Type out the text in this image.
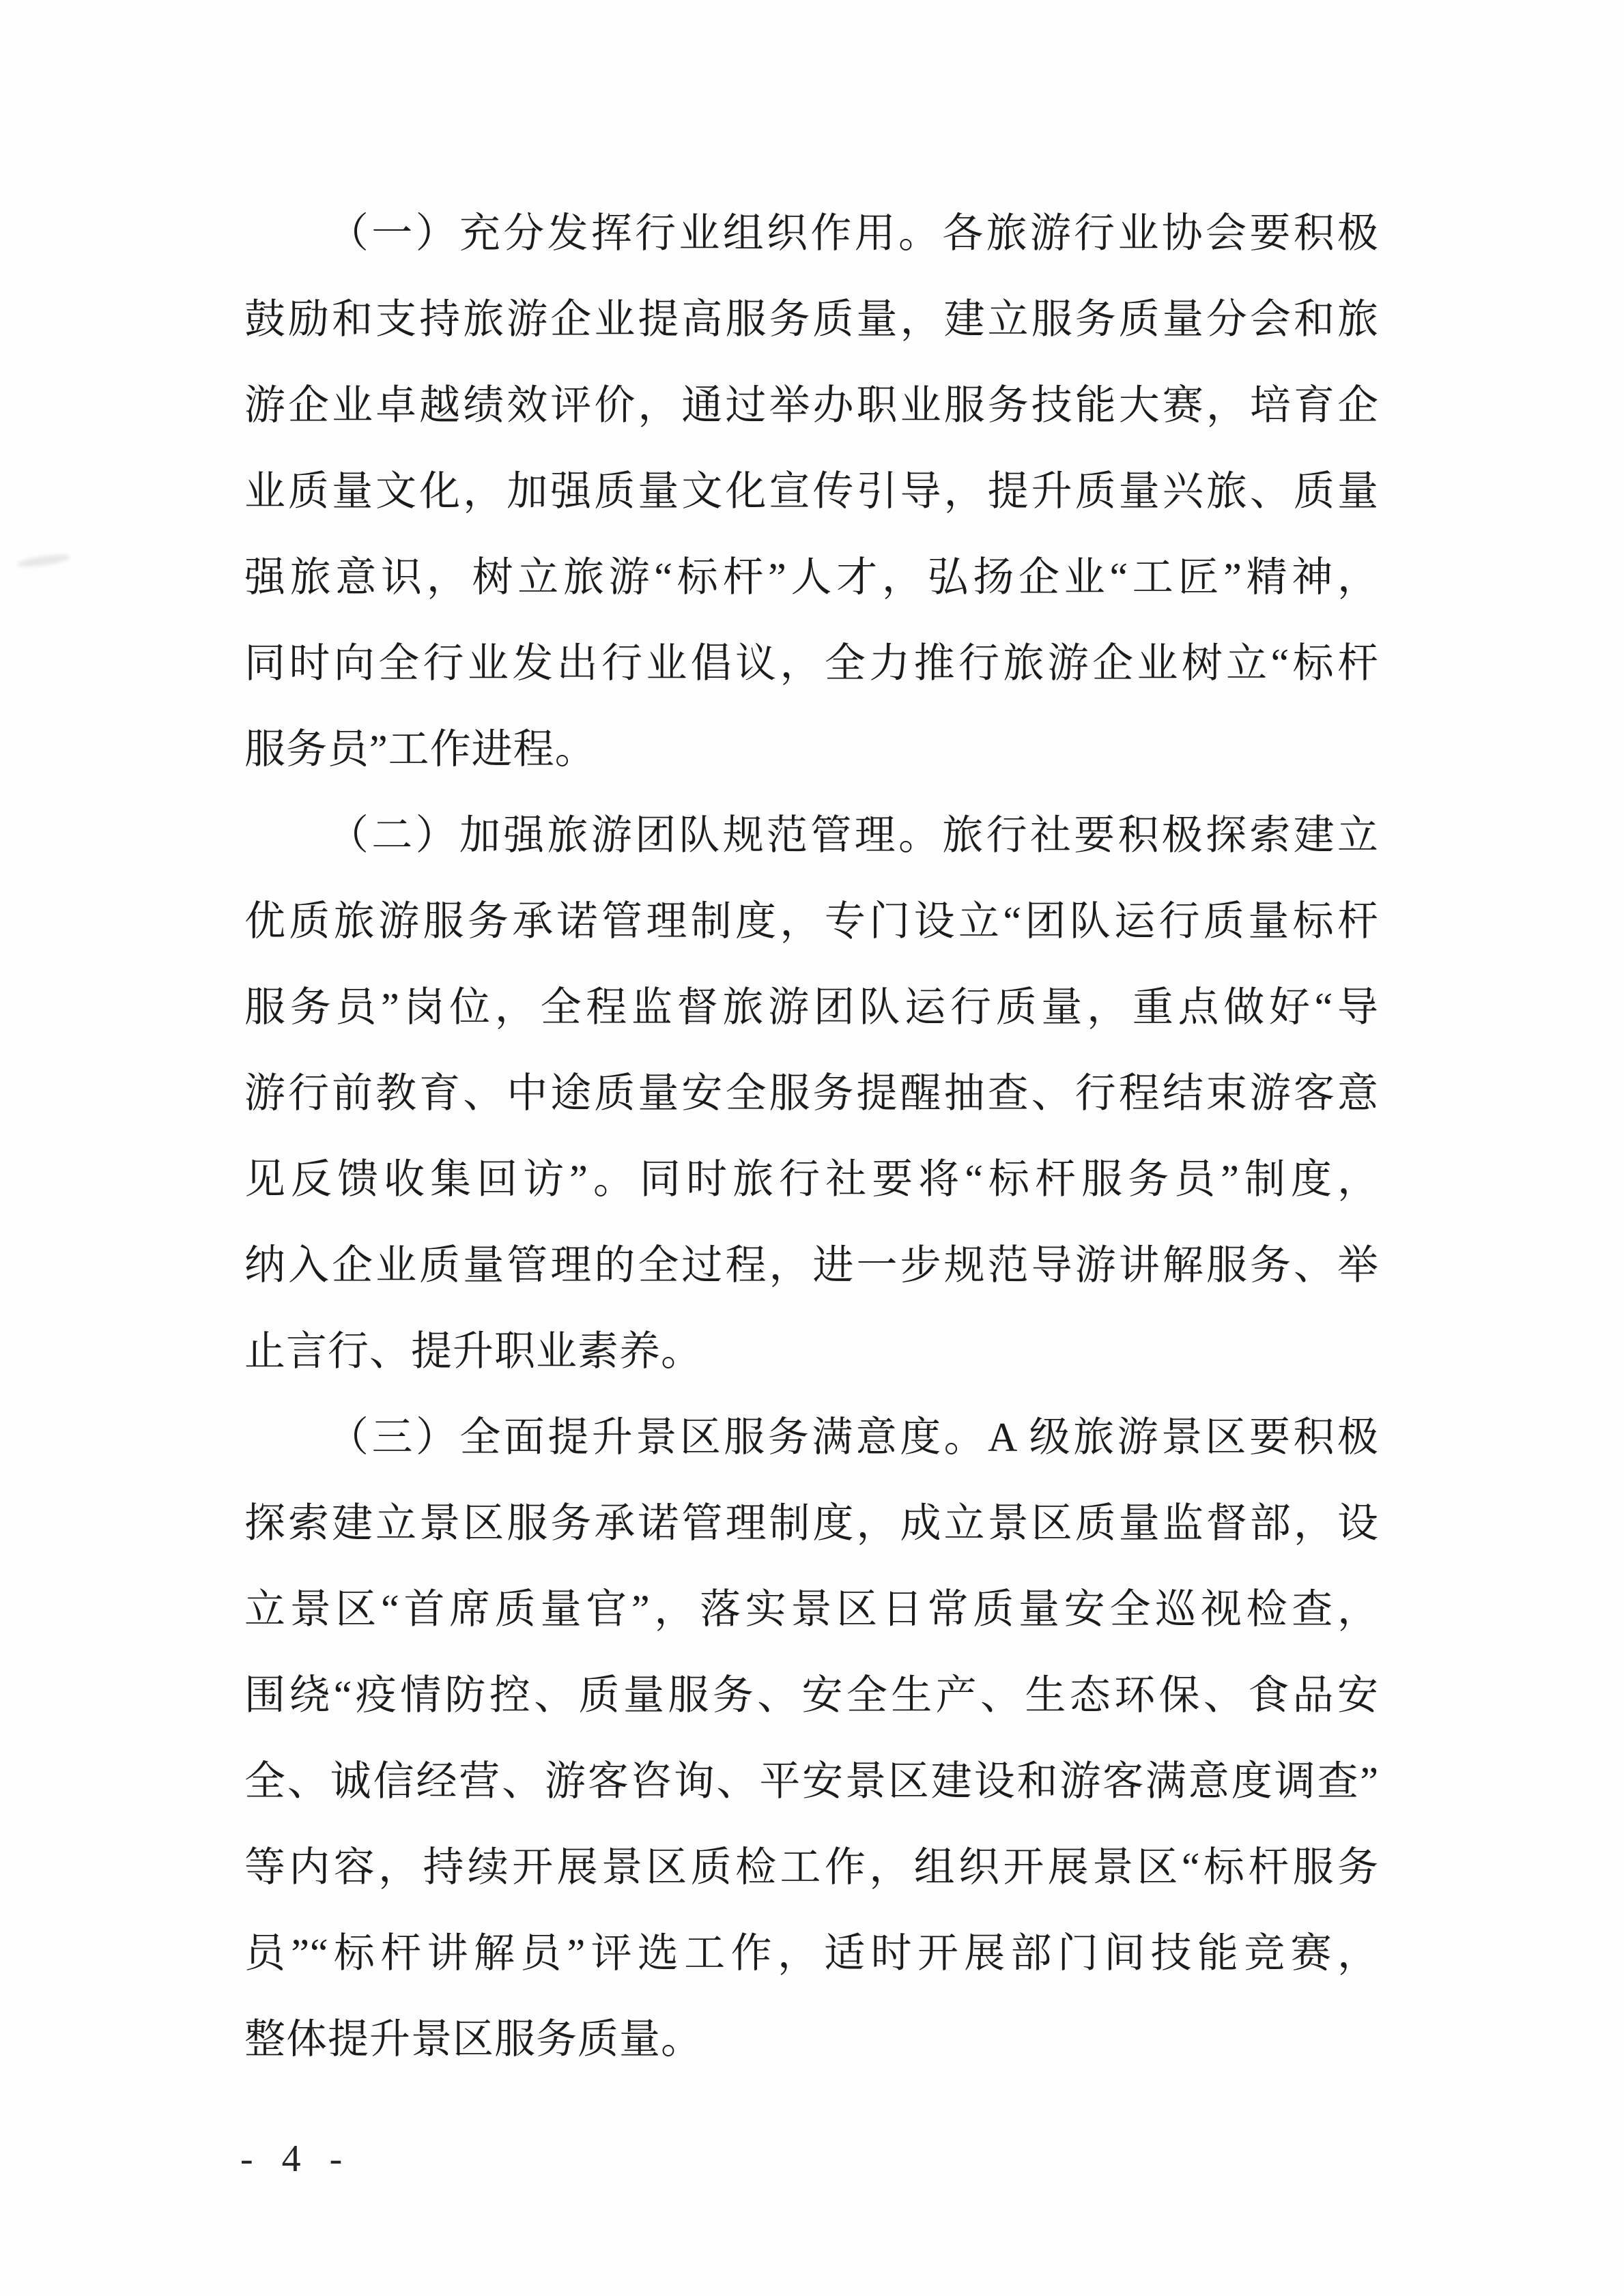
（一）充分发挥行业组织作用。各旅游行业协会要积极
鼓励和支持旅游企业提高服务质量，建立服务质量分会和旅
游企业卓越绩效评价，通过举办职业服务技能大赛，培育企
业质量文化，加强质量文化宣传引导，提升质量兴旅、质量
强旅意识，树立旅游“标杆”人才，弘扬企业“工匠”精神，
同时向全行业发出行业倡议，全力推行旅游企业树立“标杆
服务员”工作进程。
（二）加强旅游团队规范管理。旅行社要积极探索建立
优质旅游服务承诺管理制度，专门设立“团队运行质量标杆
服务员”岗位，全程监督旅游团队运行质量，重点做好“导
游行前教育、中途质量安全服务提醒抽查、行程结束游客意
见反馈收集回访”。同时旅行社要将“标杆服务员”制度，
纳入企业质量管理的全过程，进一步规范导游讲解服务、举
止言行、提升职业素养。
（三）全面提升景区服务满意度。A 级旅游景区要积极
探索建立景区服务承诺管理制度，成立景区质量监督部，设
立景区“首席质量官”，落实景区日常质量安全巡视检查，
围绕“疫情防控、质量服务、安全生产、生态环保、食品安
全、诚信经营、游客咨询、平安景区建设和游客满意度调查”
等内容，持续开展景区质检工作，组织开展景区“标杆服务
员”“标杆讲解员”评选工作，适时开展部门间技能竞赛，
整体提升景区服务质量。
- 4 -
